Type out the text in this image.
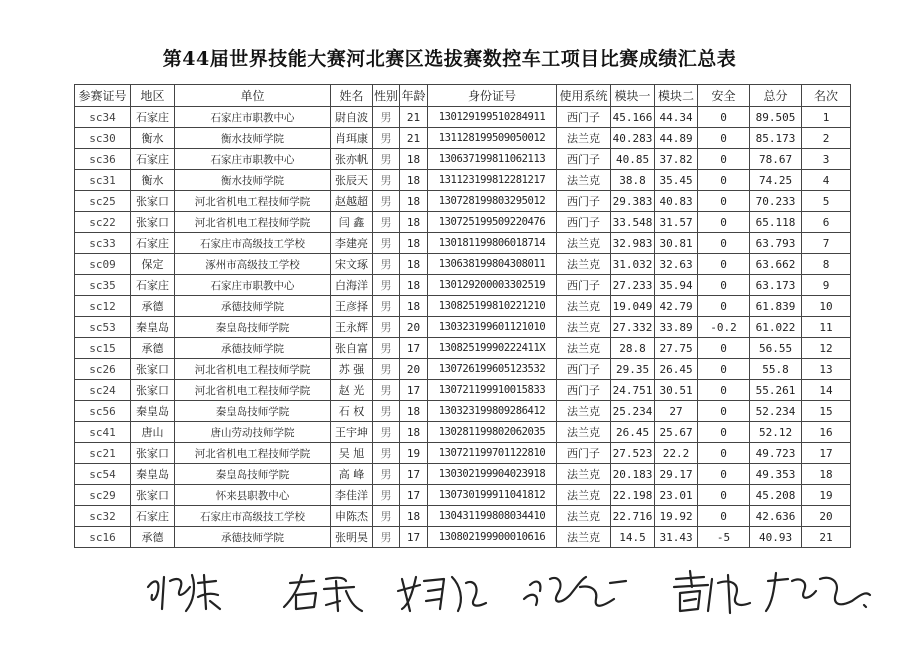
第44届世界技能大赛河北赛区选拔赛数控车工项目比赛成绩汇总表
参赛证号	地区	单位	姓名	性别	年龄	身份证号	使用系统	模块一	模块二	安全	总分	名次
sc34	石家庄	石家庄市职教中心	尉自波	男	21	130129199510284911	西门子	45.166	44.34	0	89.505	1
sc30	衡水	衡水技师学院	肖珥康	男	21	131128199509050012	法兰克	40.283	44.89	0	85.173	2
sc36	石家庄	石家庄市职教中心	张亦帆	男	18	130637199811062113	西门子	40.85	37.82	0	78.67	3
sc31	衡水	衡水技师学院	张辰天	男	18	131123199812281217	法兰克	38.8	35.45	0	74.25	4
sc25	张家口	河北省机电工程技师学院	赵越超	男	18	130728199803295012	西门子	29.383	40.83	0	70.233	5
sc22	张家口	河北省机电工程技师学院	闫 鑫	男	18	130725199509220476	西门子	33.548	31.57	0	65.118	6
sc33	石家庄	石家庄市高级技工学校	李建亮	男	18	130181199806018714	法兰克	32.983	30.81	0	63.793	7
sc09	保定	涿州市高级技工学校	宋文琢	男	18	130638199804308011	法兰克	31.032	32.63	0	63.662	8
sc35	石家庄	石家庄市职教中心	白海洋	男	18	130129200003302519	西门子	27.233	35.94	0	63.173	9
sc12	承德	承德技师学院	王彦择	男	18	130825199810221210	法兰克	19.049	42.79	0	61.839	10
sc53	秦皇岛	秦皇岛技师学院	王永辉	男	20	130323199601121010	法兰克	27.332	33.89	-0.2	61.022	11
sc15	承德	承德技师学院	张自富	男	17	13082519990222411X	法兰克	28.8	27.75	0	56.55	12
sc26	张家口	河北省机电工程技师学院	苏 强	男	20	130726199605123532	西门子	29.35	26.45	0	55.8	13
sc24	张家口	河北省机电工程技师学院	赵 光	男	17	130721199910015833	西门子	24.751	30.51	0	55.261	14
sc56	秦皇岛	秦皇岛技师学院	石 权	男	18	130323199809286412	法兰克	25.234	27	0	52.234	15
sc41	唐山	唐山劳动技师学院	王宇坤	男	18	130281199802062035	法兰克	26.45	25.67	0	52.12	16
sc21	张家口	河北省机电工程技师学院	吴 旭	男	19	130721199701122810	西门子	27.523	22.2	0	49.723	17
sc54	秦皇岛	秦皇岛技师学院	高 峰	男	17	130302199904023918	法兰克	20.183	29.17	0	49.353	18
sc29	张家口	怀来县职教中心	李佳洋	男	17	130730199911041812	法兰克	22.198	23.01	0	45.208	19
sc32	石家庄	石家庄市高级技工学校	申陈杰	男	18	130431199808034410	法兰克	22.716	19.92	0	42.636	20
sc16	承德	承德技师学院	张明昊	男	17	130802199900010616	法兰克	14.5	31.43	-5	40.93	21
